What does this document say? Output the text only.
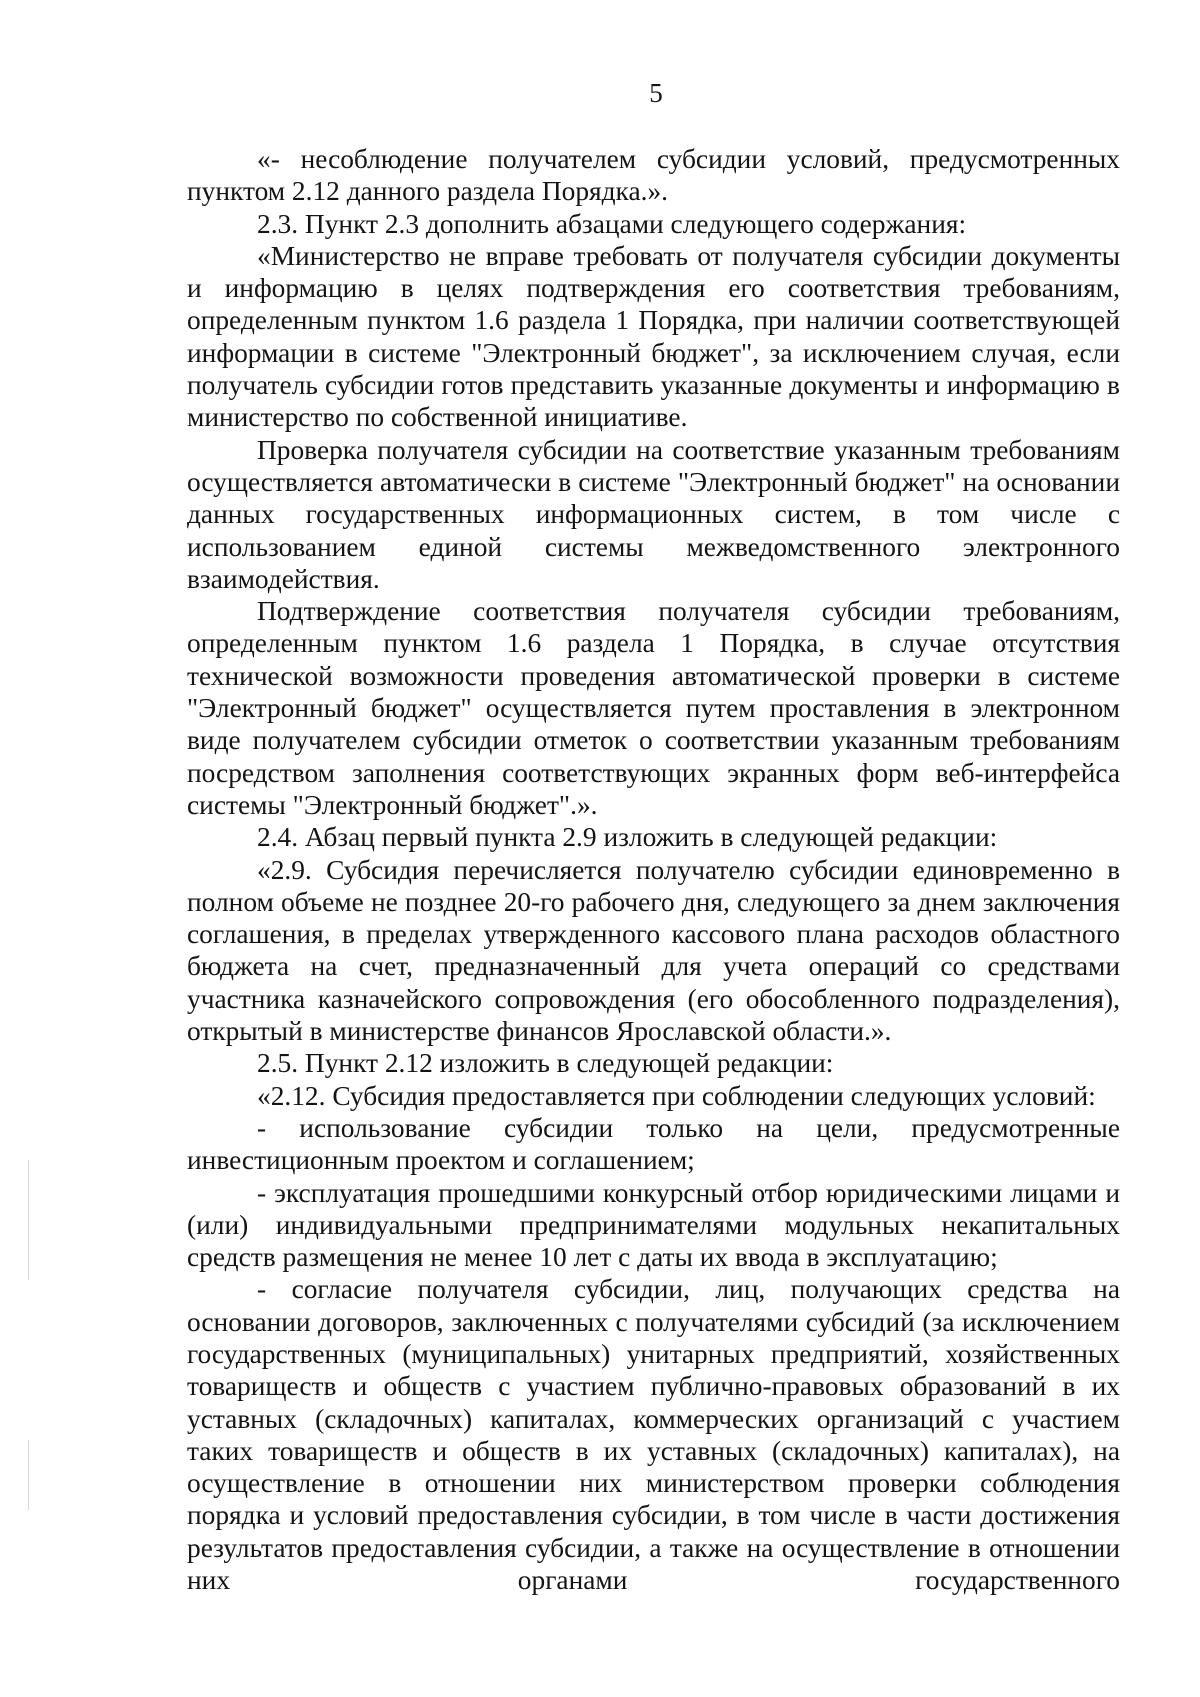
5

«- несоблюдение получателем субсидии условий, предусмотренных пунктом 2.12 данного раздела Порядка.».

2.3. Пункт 2.3 дополнить абзацами следующего содержания:

«Министерство не вправе требовать от получателя субсидии документы и информацию в целях подтверждения его соответствия требованиям, определенным пунктом 1.6 раздела 1 Порядка, при наличии соответствующей информации в системе "Электронный бюджет", за исключением случая, если получатель субсидии готов представить указанные документы и информацию в министерство по собственной инициативе.

Проверка получателя субсидии на соответствие указанным требованиям осуществляется автоматически в системе "Электронный бюджет" на основании данных государственных информационных систем, в том числе с использованием единой системы межведомственного электронного взаимодействия.

Подтверждение соответствия получателя субсидии требованиям, определенным пунктом 1.6 раздела 1 Порядка, в случае отсутствия технической возможности проведения автоматической проверки в системе "Электронный бюджет" осуществляется путем проставления в электронном виде получателем субсидии отметок о соответствии указанным требованиям посредством заполнения соответствующих экранных форм веб-интерфейса системы "Электронный бюджет".».

2.4. Абзац первый пункта 2.9 изложить в следующей редакции:

«2.9. Субсидия перечисляется получателю субсидии единовременно в полном объеме не позднее 20-го рабочего дня, следующего за днем заключения соглашения, в пределах утвержденного кассового плана расходов областного бюджета на счет, предназначенный для учета операций со средствами участника казначейского сопровождения (его обособленного подразделения), открытый в министерстве финансов Ярославской области.».

2.5. Пункт 2.12 изложить в следующей редакции:

«2.12. Субсидия предоставляется при соблюдении следующих условий:

- использование субсидии только на цели, предусмотренные инвестиционным проектом и соглашением;

- эксплуатация прошедшими конкурсный отбор юридическими лицами и (или) индивидуальными предпринимателями модульных некапитальных средств размещения не менее 10 лет с даты их ввода в эксплуатацию;

- согласие получателя субсидии, лиц, получающих средства на основании договоров, заключенных с получателями субсидий (за исключением государственных (муниципальных) унитарных предприятий, хозяйственных товариществ и обществ с участием публично-правовых образований в их уставных (складочных) капиталах, коммерческих организаций с участием таких товариществ и обществ в их уставных (складочных) капиталах), на осуществление в отношении них министерством проверки соблюдения порядка и условий предоставления субсидии, в том числе в части достижения результатов предоставления субсидии, а также на осуществление в отношении них органами государственного
